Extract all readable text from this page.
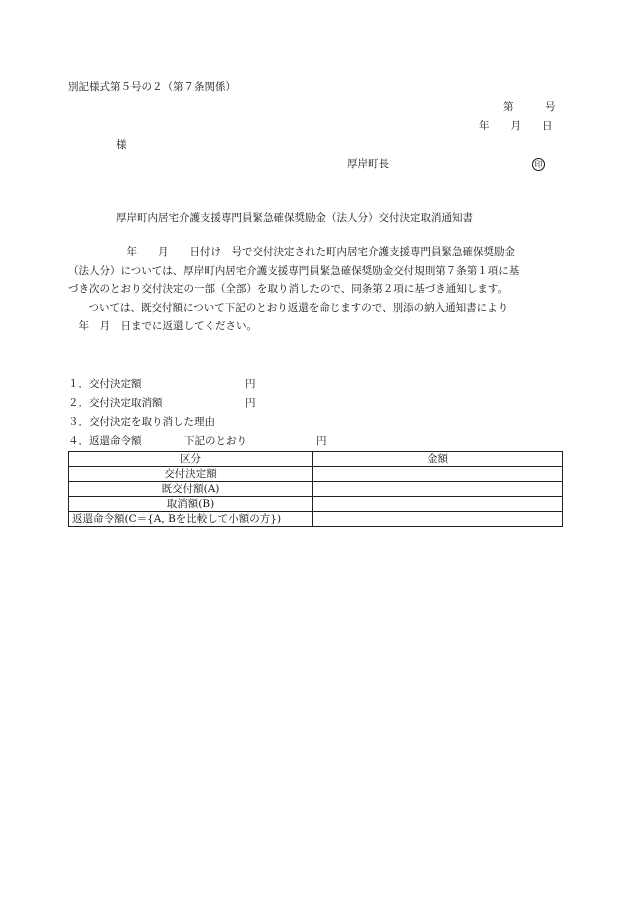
別記様式第５号の２（第７条関係）
第　　　号
年　　月　　日
様
厚岸町長	印
厚岸町内居宅介護支援専門員緊急確保奨励金（法人分）交付決定取消通知書
　年　　月　　日付け　号で交付決定された町内居宅介護支援専門員緊急確保奨励金
（法人分）については、厚岸町内居宅介護支援専門員緊急確保奨励金交付規則第７条第１項に基
づき次のとおり交付決定の一部（全部）を取り消したので、同条第２項に基づき通知します。
　ついては、既交付額について下記のとおり返還を命じますので、別添の納入通知書により
　年　月　日までに返還してください。
１．交付決定額	円
２．交付決定取消額	円
３．交付決定を取り消した理由
４．返還命令額	下記のとおり	円
区分	金額
交付決定額	
既交付額(A)	
取消額(B)	
返還命令額(C＝{A, Bを比較して小額の方})	
